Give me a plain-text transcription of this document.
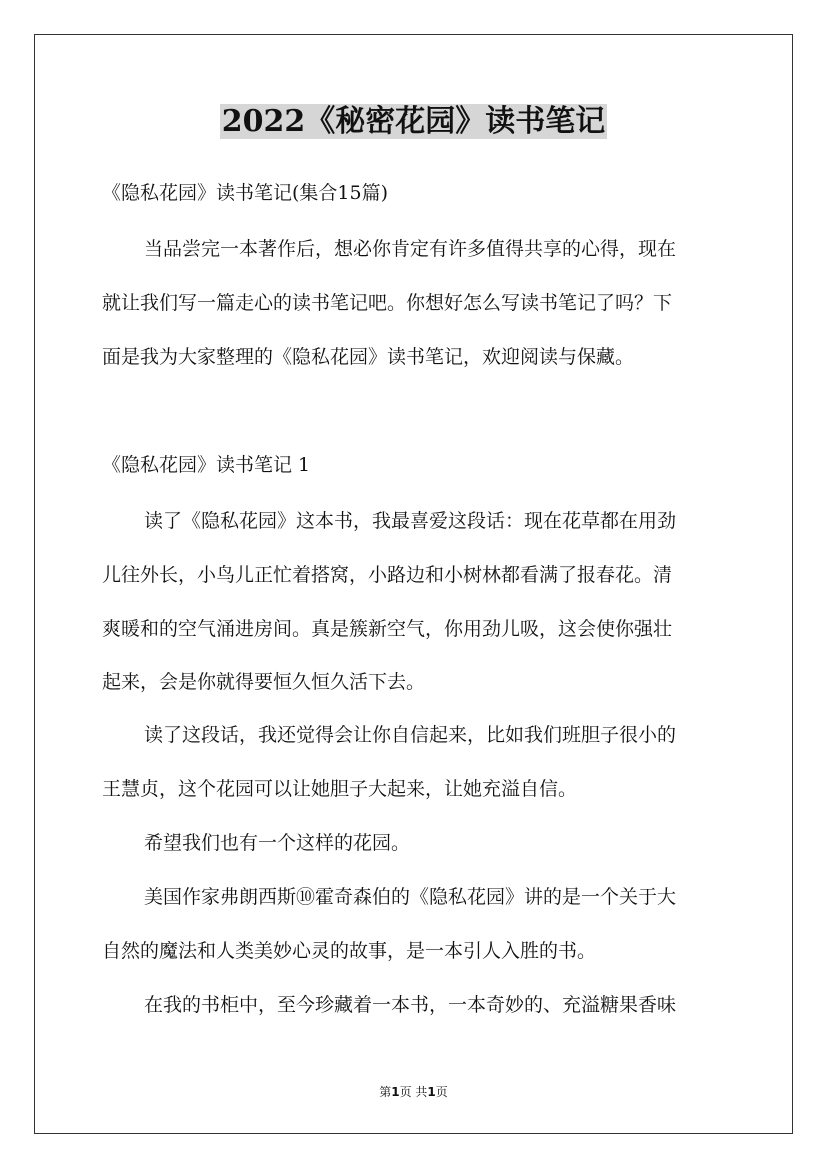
2022《秘密花园》读书笔记
《隐私花园》读书笔记(集合15篇)
当品尝完一本著作后，想必你肯定有许多值得共享的心得，现在
就让我们写一篇走心的读书笔记吧。你想好怎么写读书笔记了吗？下
面是我为大家整理的《隐私花园》读书笔记，欢迎阅读与保藏。
《隐私花园》读书笔记 1
读了《隐私花园》这本书，我最喜爱这段话：现在花草都在用劲
儿往外长，小鸟儿正忙着搭窝，小路边和小树林都看满了报春花。清
爽暖和的空气涌进房间。真是簇新空气，你用劲儿吸，这会使你强壮
起来，会是你就得要恒久恒久活下去。
读了这段话，我还觉得会让你自信起来，比如我们班胆子很小的
王慧贞，这个花园可以让她胆子大起来，让她充溢自信。
希望我们也有一个这样的花园。
美国作家弗朗西斯⑩霍奇森伯的《隐私花园》讲的是一个关于大
自然的魔法和人类美妙心灵的故事，是一本引人入胜的书。
在我的书柜中，至今珍藏着一本书，一本奇妙的、充溢糖果香味
第1页 共1页
